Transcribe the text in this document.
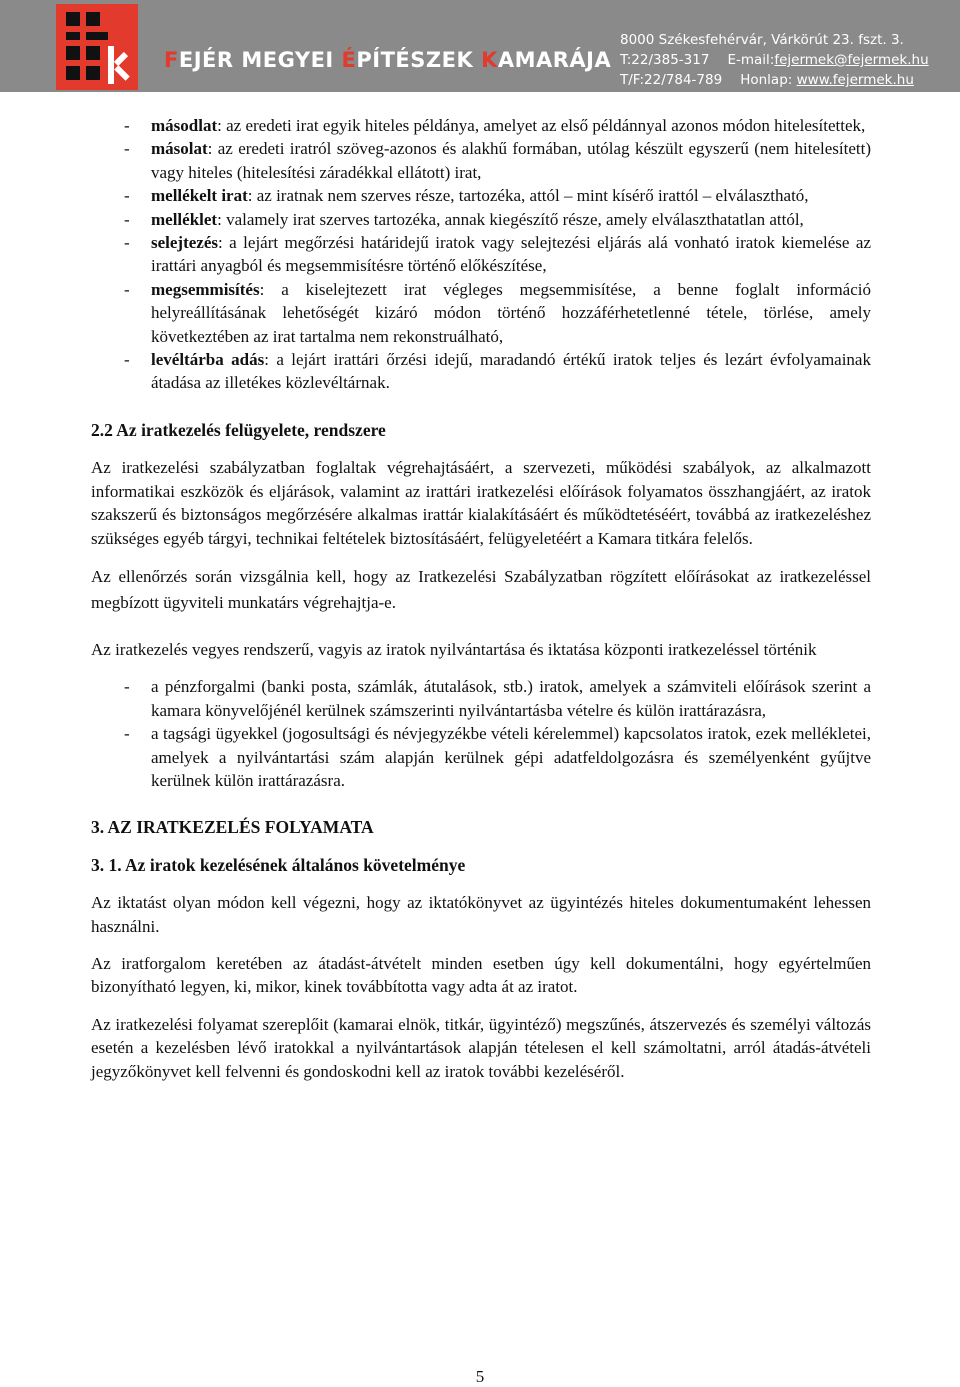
FEJÉR MEGYEI ÉPÍTÉSZEK KAMARÁJA
8000 Székesfehérvár, Várkörút 23. fszt. 3.
T:22/385-317 E-mail:fejermek@fejermek.hu
T/F:22/784-789 Honlap: www.fejermek.hu

- másodlat: az eredeti irat egyik hiteles példánya, amelyet az első példánnyal azonos módon hitelesítettek,

- másolat: az eredeti iratról szöveg-azonos és alakhű formában, utólag készült egyszerű (nem hitelesített) vagy hiteles (hitelesítési záradékkal ellátott) irat,

- mellékelt irat: az iratnak nem szerves része, tartozéka, attól – mint kísérő irattól – elválasztható,

- melléklet: valamely irat szerves tartozéka, annak kiegészítő része, amely elválaszthatatlan attól,

- selejtezés: a lejárt megőrzési határidejű iratok vagy selejtezési eljárás alá vonható iratok kiemelése az irattári anyagból és megsemmisítésre történő előkészítése,

- megsemmisítés: a kiselejtezett irat végleges megsemmisítése, a benne foglalt információ helyreállításának lehetőségét kizáró módon történő hozzáférhetetlenné tétele, törlése, amely következtében az irat tartalma nem rekonstruálható,

- levéltárba adás: a lejárt irattári őrzési idejű, maradandó értékű iratok teljes és lezárt évfolyamainak átadása az illetékes közlevéltárnak.

2.2 Az iratkezelés felügyelete, rendszere

Az iratkezelési szabályzatban foglaltak végrehajtásáért, a szervezeti, működési szabályok, az alkalmazott informatikai eszközök és eljárások, valamint az irattári iratkezelési előírások folyamatos összhangjáért, az iratok szakszerű és biztonságos megőrzésére alkalmas irattár kialakításáért és működtetéséért, továbbá az iratkezeléshez szükséges egyéb tárgyi, technikai feltételek biztosításáért, felügyeletéért a Kamara titkára felelős.

Az ellenőrzés során vizsgálnia kell, hogy az Iratkezelési Szabályzatban rögzített előírásokat az iratkezeléssel megbízott ügyviteli munkatárs végrehajtja-e.

Az iratkezelés vegyes rendszerű, vagyis az iratok nyilvántartása és iktatása központi iratkezeléssel történik

- a pénzforgalmi (banki posta, számlák, átutalások, stb.) iratok, amelyek a számviteli előírások szerint a kamara könyvelőjénél kerülnek számszerinti nyilvántartásba vételre és külön irattárazásra,

- a tagsági ügyekkel (jogosultsági és névjegyzékbe vételi kérelemmel) kapcsolatos iratok, ezek mellékletei, amelyek a nyilvántartási szám alapján kerülnek gépi adatfeldolgozásra és személyenként gyűjtve kerülnek külön irattárazásra.

3. AZ IRATKEZELÉS FOLYAMATA

3. 1. Az iratok kezelésének általános követelménye

Az iktatást olyan módon kell végezni, hogy az iktatókönyvet az ügyintézés hiteles dokumentumaként lehessen használni.

Az iratforgalom keretében az átadást-átvételt minden esetben úgy kell dokumentálni, hogy egyértelműen bizonyítható legyen, ki, mikor, kinek továbbította vagy adta át az iratot.

Az iratkezelési folyamat szereplőit (kamarai elnök, titkár, ügyintéző) megszűnés, átszervezés és személyi változás esetén a kezelésben lévő iratokkal a nyilvántartások alapján tételesen el kell számoltatni, arról átadás-átvételi jegyzőkönyvet kell felvenni és gondoskodni kell az iratok további kezeléséről.

5
